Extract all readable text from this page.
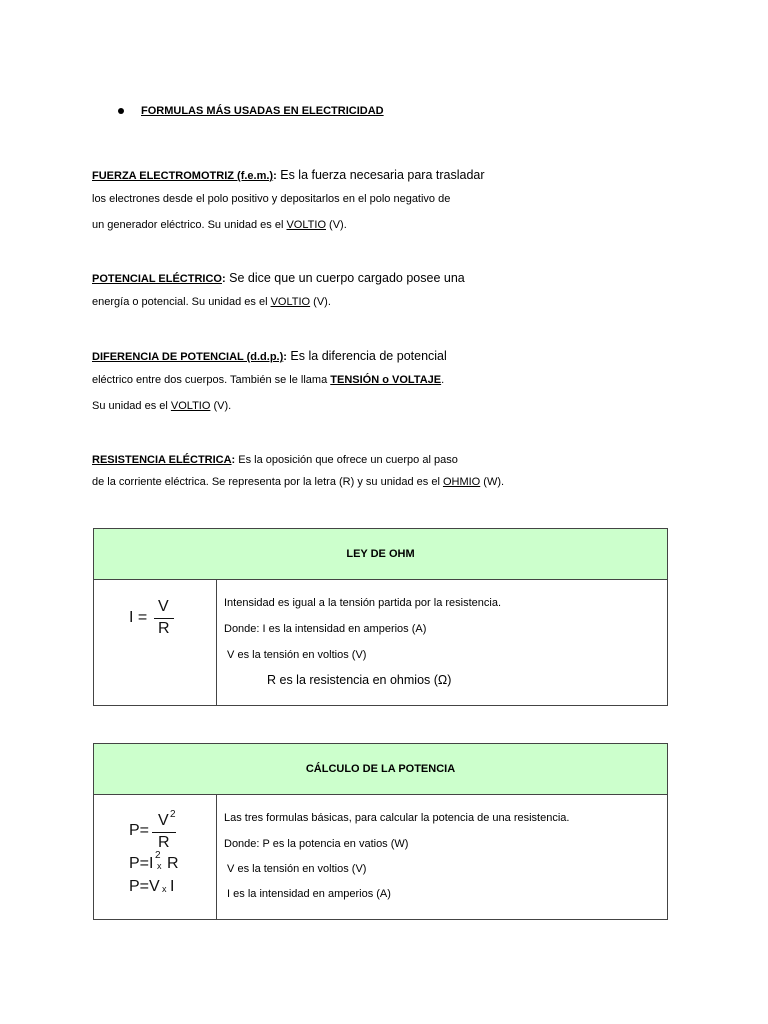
FORMULAS MÁS USADAS EN ELECTRICIDAD
FUERZA ELECTROMOTRIZ (f.e.m.): Es la fuerza necesaria para trasladar
los electrones desde el polo positivo y depositarlos en el polo negativo de
un generador eléctrico. Su unidad es el VOLTIO (V).
POTENCIAL ELÉCTRICO: Se dice que un cuerpo cargado posee una
energía o potencial. Su unidad es el VOLTIO (V).
DIFERENCIA DE POTENCIAL (d.d.p.): Es la diferencia de potencial
eléctrico entre dos cuerpos. También se le llama TENSIÓN o VOLTAJE.
Su unidad es el VOLTIO (V).
RESISTENCIA ELÉCTRICA: Es la oposición que ofrece un cuerpo al paso
de la corriente eléctrica. Se representa por la letra (R) y su unidad es el OHMIO (W).
LEY DE OHM
I =
V
R
Intensidad es igual a la tensión partida por la resistencia.
Donde: I es la intensidad en amperios (A)
V es la tensión en voltios (V)
R es la resistencia en ohmios (Ω)
CÁLCULO DE LA POTENCIA
P=
V 2
R
P=I 2
x R
P=V x I
Las tres formulas básicas, para calcular la potencia de una resistencia.
Donde: P es la potencia en vatios (W)
V es la tensión en voltios (V)
I es la intensidad en amperios (A)
